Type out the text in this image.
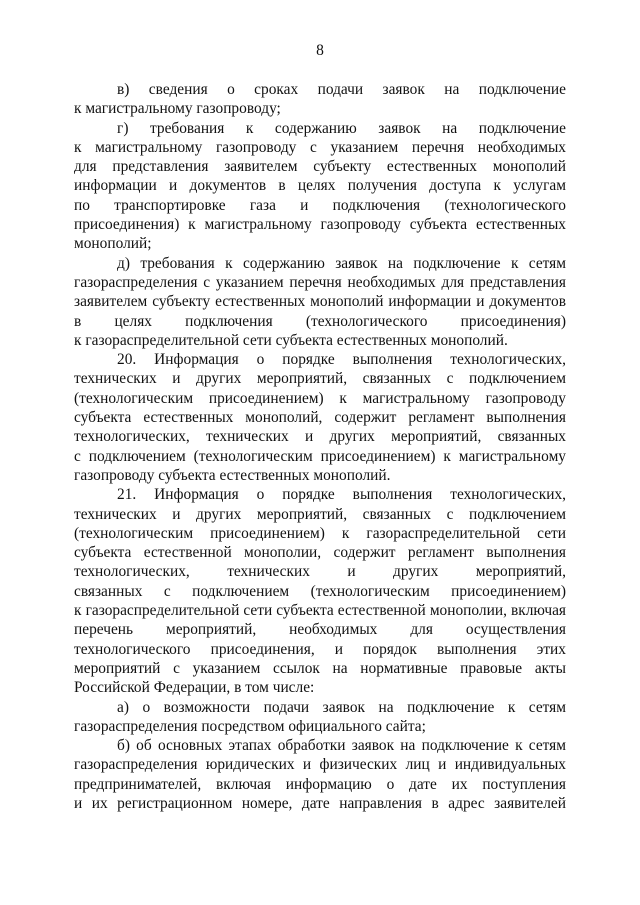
8
в) сведения о сроках подачи заявок на подключение
к магистральному газопроводу;
г) требования к содержанию заявок на подключение
к магистральному газопроводу с указанием перечня необходимых
для представления заявителем субъекту естественных монополий
информации и документов в целях получения доступа к услугам
по транспортировке газа и подключения (технологического
присоединения) к магистральному газопроводу субъекта естественных
монополий;
д) требования к содержанию заявок на подключение к сетям
газораспределения с указанием перечня необходимых для представления
заявителем субъекту естественных монополий информации и документов
в целях подключения (технологического присоединения)
к газораспределительной сети субъекта естественных монополий.
20. Информация о порядке выполнения технологических,
технических и других мероприятий, связанных с подключением
(технологическим присоединением) к магистральному газопроводу
субъекта естественных монополий, содержит регламент выполнения
технологических, технических и других мероприятий, связанных
с подключением (технологическим присоединением) к магистральному
газопроводу субъекта естественных монополий.
21. Информация о порядке выполнения технологических,
технических и других мероприятий, связанных с подключением
(технологическим присоединением) к газораспределительной сети
субъекта естественной монополии, содержит регламент выполнения
технологических, технических и других мероприятий,
связанных с подключением (технологическим присоединением)
к газораспределительной сети субъекта естественной монополии, включая
перечень мероприятий, необходимых для осуществления
технологического присоединения, и порядок выполнения этих
мероприятий с указанием ссылок на нормативные правовые акты
Российской Федерации, в том числе:
а) о возможности подачи заявок на подключение к сетям
газораспределения посредством официального сайта;
б) об основных этапах обработки заявок на подключение к сетям
газораспределения юридических и физических лиц и индивидуальных
предпринимателей, включая информацию о дате их поступления
и их регистрационном номере, дате направления в адрес заявителей
